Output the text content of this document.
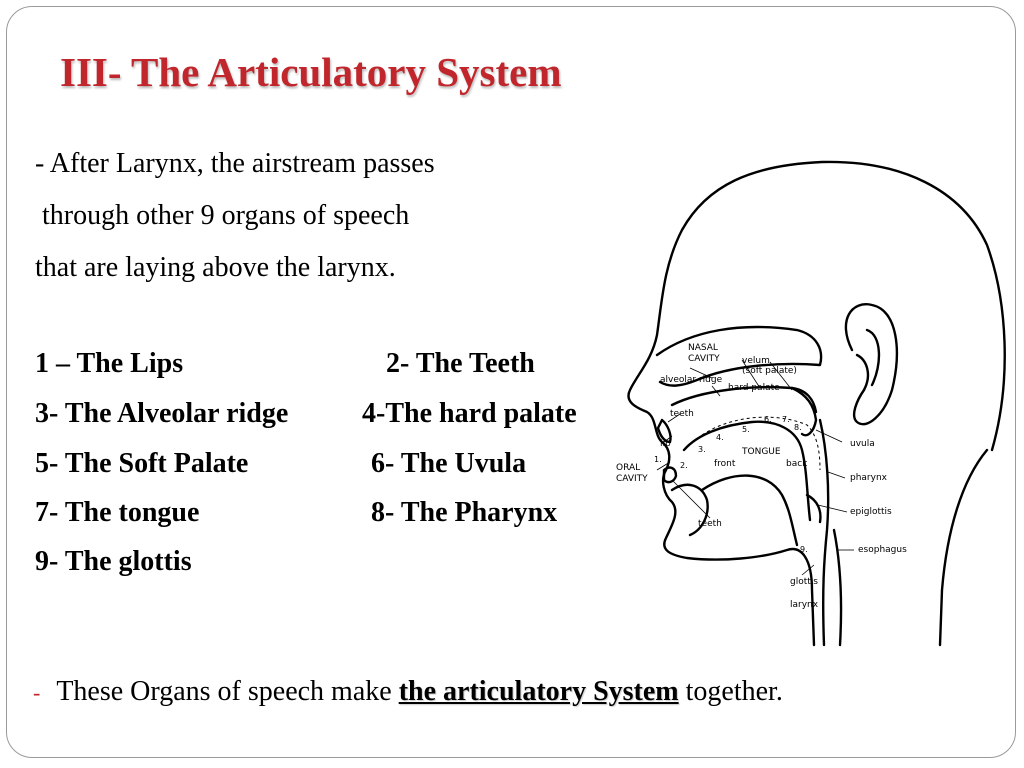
III- The Articulatory System
- After Larynx, the airstream passes
through other 9 organs of speech
that are laying above the larynx.
1 – The Lips	2- The Teeth
3- The Alveolar ridge	4-The hard palate
5- The Soft Palate	6- The Uvula
7- The tongue	8- The Pharynx
9- The glottis
NASAL
CAVITY velum
(soft palate)
alveolar ridge
hard palate
teeth
lip
ORAL
CAVITY
TONGUE
front	back
uvula
pharynx
epiglottis
esophagus
teeth
glottis
larynx
1.
2.
3.
4.
5.
6. 7.
8.
9.
- These Organs of speech make the articulatory System together.
